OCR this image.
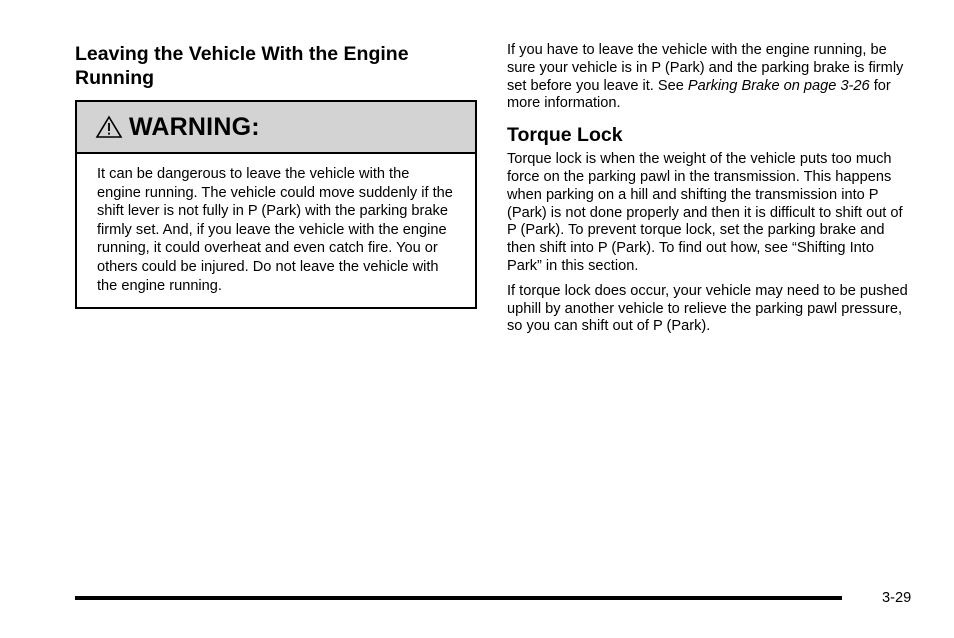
Leaving the Vehicle With the Engine Running
WARNING:
It can be dangerous to leave the vehicle with the engine running. The vehicle could move suddenly if the shift lever is not fully in P (Park) with the parking brake firmly set. And, if you leave the vehicle with the engine running, it could overheat and even catch fire. You or others could be injured. Do not leave the vehicle with the engine running.

If you have to leave the vehicle with the engine running, be sure your vehicle is in P (Park) and the parking brake is firmly set before you leave it. See Parking Brake on page 3-26 for more information.

Torque Lock

Torque lock is when the weight of the vehicle puts too much force on the parking pawl in the transmission. This happens when parking on a hill and shifting the transmission into P (Park) is not done properly and then it is difficult to shift out of P (Park). To prevent torque lock, set the parking brake and then shift into P (Park). To find out how, see “Shifting Into Park” in this section.

If torque lock does occur, your vehicle may need to be pushed uphill by another vehicle to relieve the parking pawl pressure, so you can shift out of P (Park).

3-29
